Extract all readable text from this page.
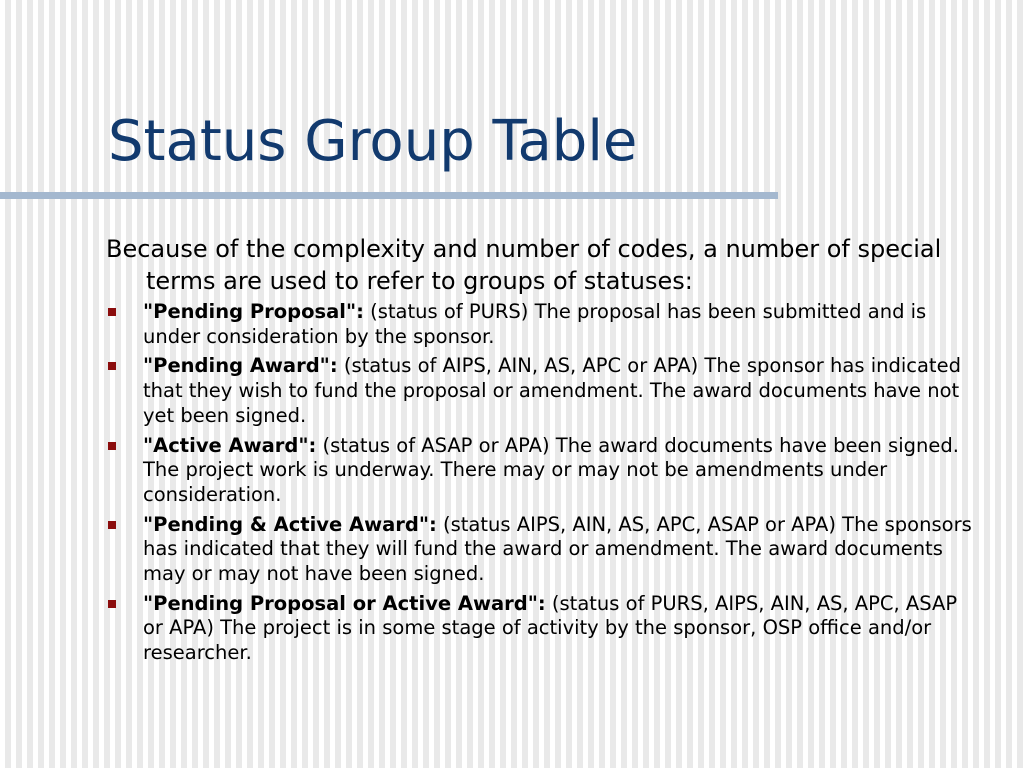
Status Group Table

Because of the complexity and number of codes, a number of special terms are used to refer to groups of statuses:

"Pending Proposal": (status of PURS) The proposal has been submitted and is under consideration by the sponsor.
"Pending Award": (status of AIPS, AIN, AS, APC or APA) The sponsor has indicated that they wish to fund the proposal or amendment. The award documents have not yet been signed.
"Active Award": (status of ASAP or APA) The award documents have been signed. The project work is underway. There may or may not be amendments under consideration.
"Pending & Active Award": (status AIPS, AIN, AS, APC, ASAP or APA) The sponsors has indicated that they will fund the award or amendment. The award documents may or may not have been signed.
"Pending Proposal or Active Award": (status of PURS, AIPS, AIN, AS, APC, ASAP or APA) The project is in some stage of activity by the sponsor, OSP office and/or researcher.
